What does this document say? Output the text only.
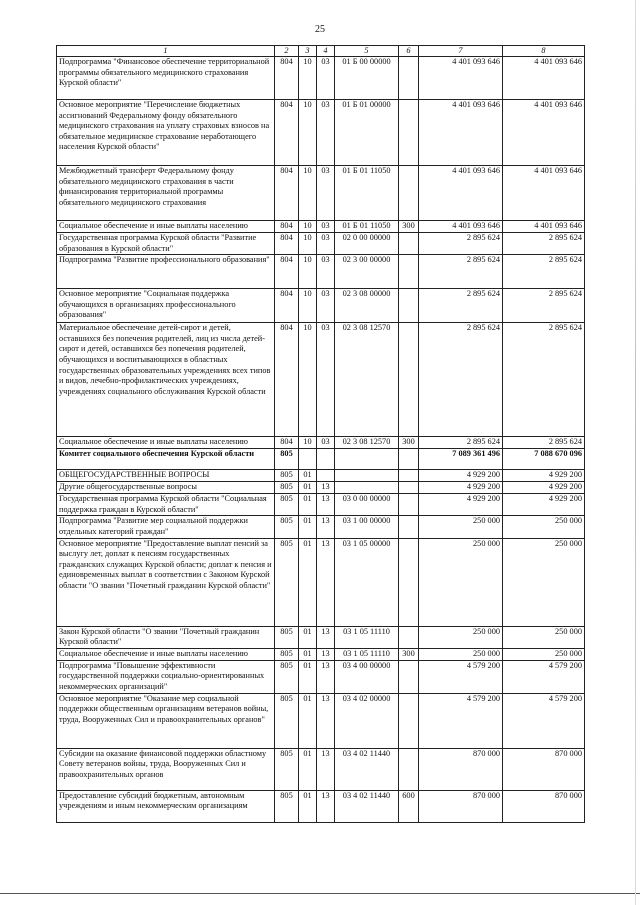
25
1	2	3	4	5	6	7	8
Подпрограмма "Финансовое обеспечение территориальной программы обязательного медицинского страхования Курской области"	804	10	03	01 Б 00 00000		4 401 093 646	4 401 093 646
Основное мероприятие "Перечисление бюджетных ассигнований Федеральному фонду обязательного медицинского страхования на уплату страховых взносов на обязательное медицинское страхование неработающего населения Курской области"	804	10	03	01 Б 01 00000		4 401 093 646	4 401 093 646
Межбюджетный трансферт Федеральному фонду обязательного медицинского страхования в части финансирования территориальной программы обязательного медицинского страхования	804	10	03	01 Б 01 11050		4 401 093 646	4 401 093 646
Социальное обеспечение и иные выплаты населению	804	10	03	01 Б 01 11050	300	4 401 093 646	4 401 093 646
Государственная программа Курской области "Развитие образования в Курской области"	804	10	03	02 0 00 00000		2 895 624	2 895 624
Подпрограмма "Развитие профессионального образования"	804	10	03	02 3 00 00000		2 895 624	2 895 624
Основное мероприятие "Социальная поддержка обучающихся в организациях профессионального образования"	804	10	03	02 3 08 00000		2 895 624	2 895 624
Материальное обеспечение детей-сирот и детей, оставшихся без попечения родителей, лиц из числа детей-сирот и детей, оставшихся без попечения родителей, обучающихся и воспитывающихся в областных государственных образовательных учреждениях всех типов и видов, лечебно-профилактических учреждениях, учреждениях социального обслуживания Курской области	804	10	03	02 3 08 12570		2 895 624	2 895 624
Социальное обеспечение и иные выплаты населению	804	10	03	02 3 08 12570	300	2 895 624	2 895 624
Комитет социального обеспечения Курской области	805					7 089 361 496	7 088 670 096
ОБЩЕГОСУДАРСТВЕННЫЕ ВОПРОСЫ	805	01				4 929 200	4 929 200
Другие общегосударственные вопросы	805	01	13			4 929 200	4 929 200
Государственная программа Курской области "Социальная поддержка граждан в Курской области"	805	01	13	03 0 00 00000		4 929 200	4 929 200
Подпрограмма "Развитие мер социальной поддержки отдельных категорий граждан"	805	01	13	03 1 00 00000		250 000	250 000
Основное мероприятие "Предоставление выплат пенсий за выслугу лет, доплат к пенсиям государственных гражданских служащих Курской области; доплат к пенсия и единовременных выплат в соответствии с Законом Курской области "О звании "Почетный гражданин Курской области"	805	01	13	03 1 05 00000		250 000	250 000
Закон Курской области "О звании "Почетный гражданин Курской области"	805	01	13	03 1 05 11110		250 000	250 000
Социальное обеспечение и иные выплаты населению	805	01	13	03 1 05 11110	300	250 000	250 000
Подпрограмма "Повышение эффективности государственной поддержки социально-ориентированных некоммерческих организаций"	805	01	13	03 4 00 00000		4 579 200	4 579 200
Основное мероприятие "Оказание мер социальной поддержки общественным организациям ветеранов войны, труда, Вооруженных Сил и правоохранительных органов"	805	01	13	03 4 02 00000		4 579 200	4 579 200
Субсидии на оказание финансовой поддержки областному Совету ветеранов войны, труда, Вооруженных Сил и правоохранительных органов	805	01	13	03 4 02 11440		870 000	870 000
Предоставление субсидий бюджетным, автономным учреждениям и иным некоммерческим организациям	805	01	13	03 4 02 11440	600	870 000	870 000
